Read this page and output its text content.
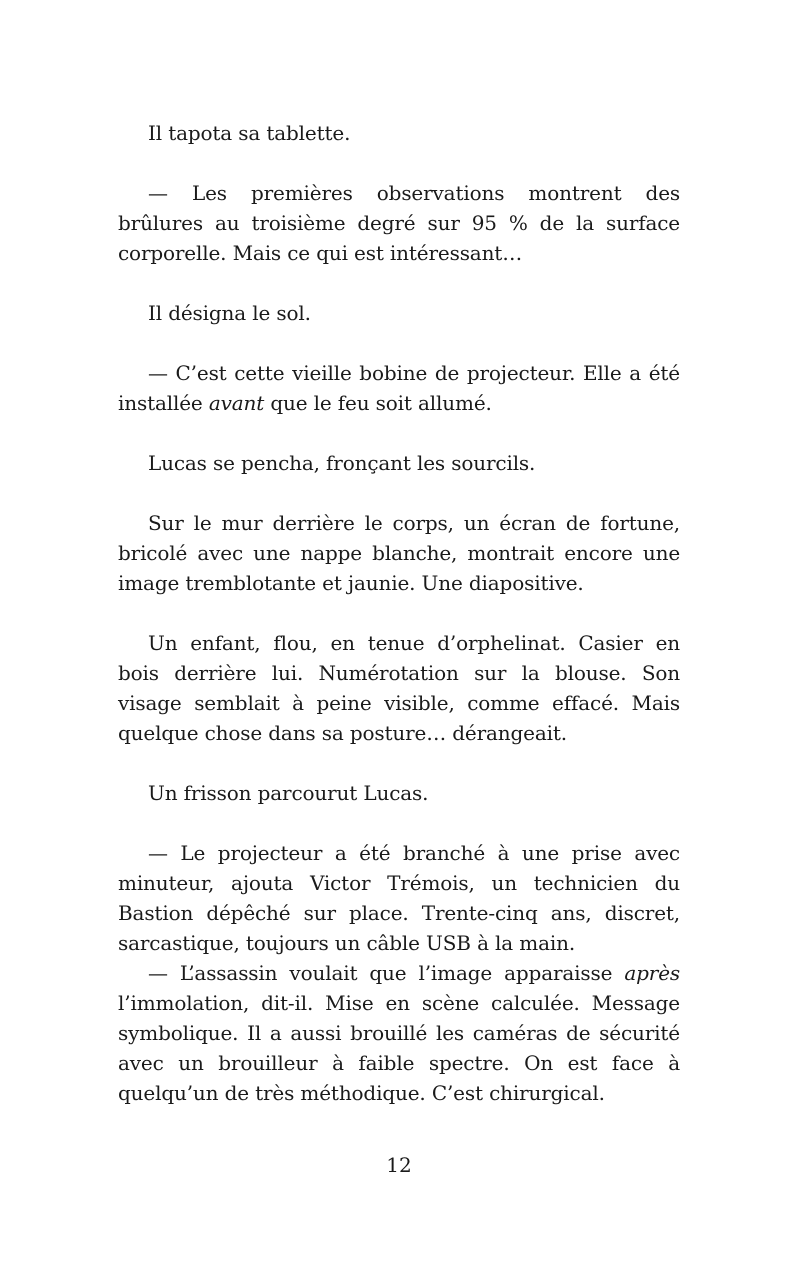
Il tapota sa tablette.

— Les premières observations montrent des brûlures au troisième degré sur 95 % de la surface corporelle. Mais ce qui est intéressant…

Il désigna le sol.

— C’est cette vieille bobine de projecteur. Elle a été installée avant que le feu soit allumé.

Lucas se pencha, fronçant les sourcils.

Sur le mur derrière le corps, un écran de fortune, bricolé avec une nappe blanche, montrait encore une image tremblotante et jaunie. Une diapositive.

Un enfant, flou, en tenue d’orphelinat. Casier en bois derrière lui. Numérotation sur la blouse. Son visage semblait à peine visible, comme effacé. Mais quelque chose dans sa posture… dérangeait.

Un frisson parcourut Lucas.

— Le projecteur a été branché à une prise avec minuteur, ajouta Victor Trémois, un technicien du Bastion dépêché sur place. Trente-cinq ans, discret, sarcastique, toujours un câble USB à la main.

— L’assassin voulait que l’image apparaisse après l’immolation, dit-il. Mise en scène calculée. Message symbolique. Il a aussi brouillé les caméras de sécurité avec un brouilleur à faible spectre. On est face à quelqu’un de très méthodique. C’est chirurgical.

12
